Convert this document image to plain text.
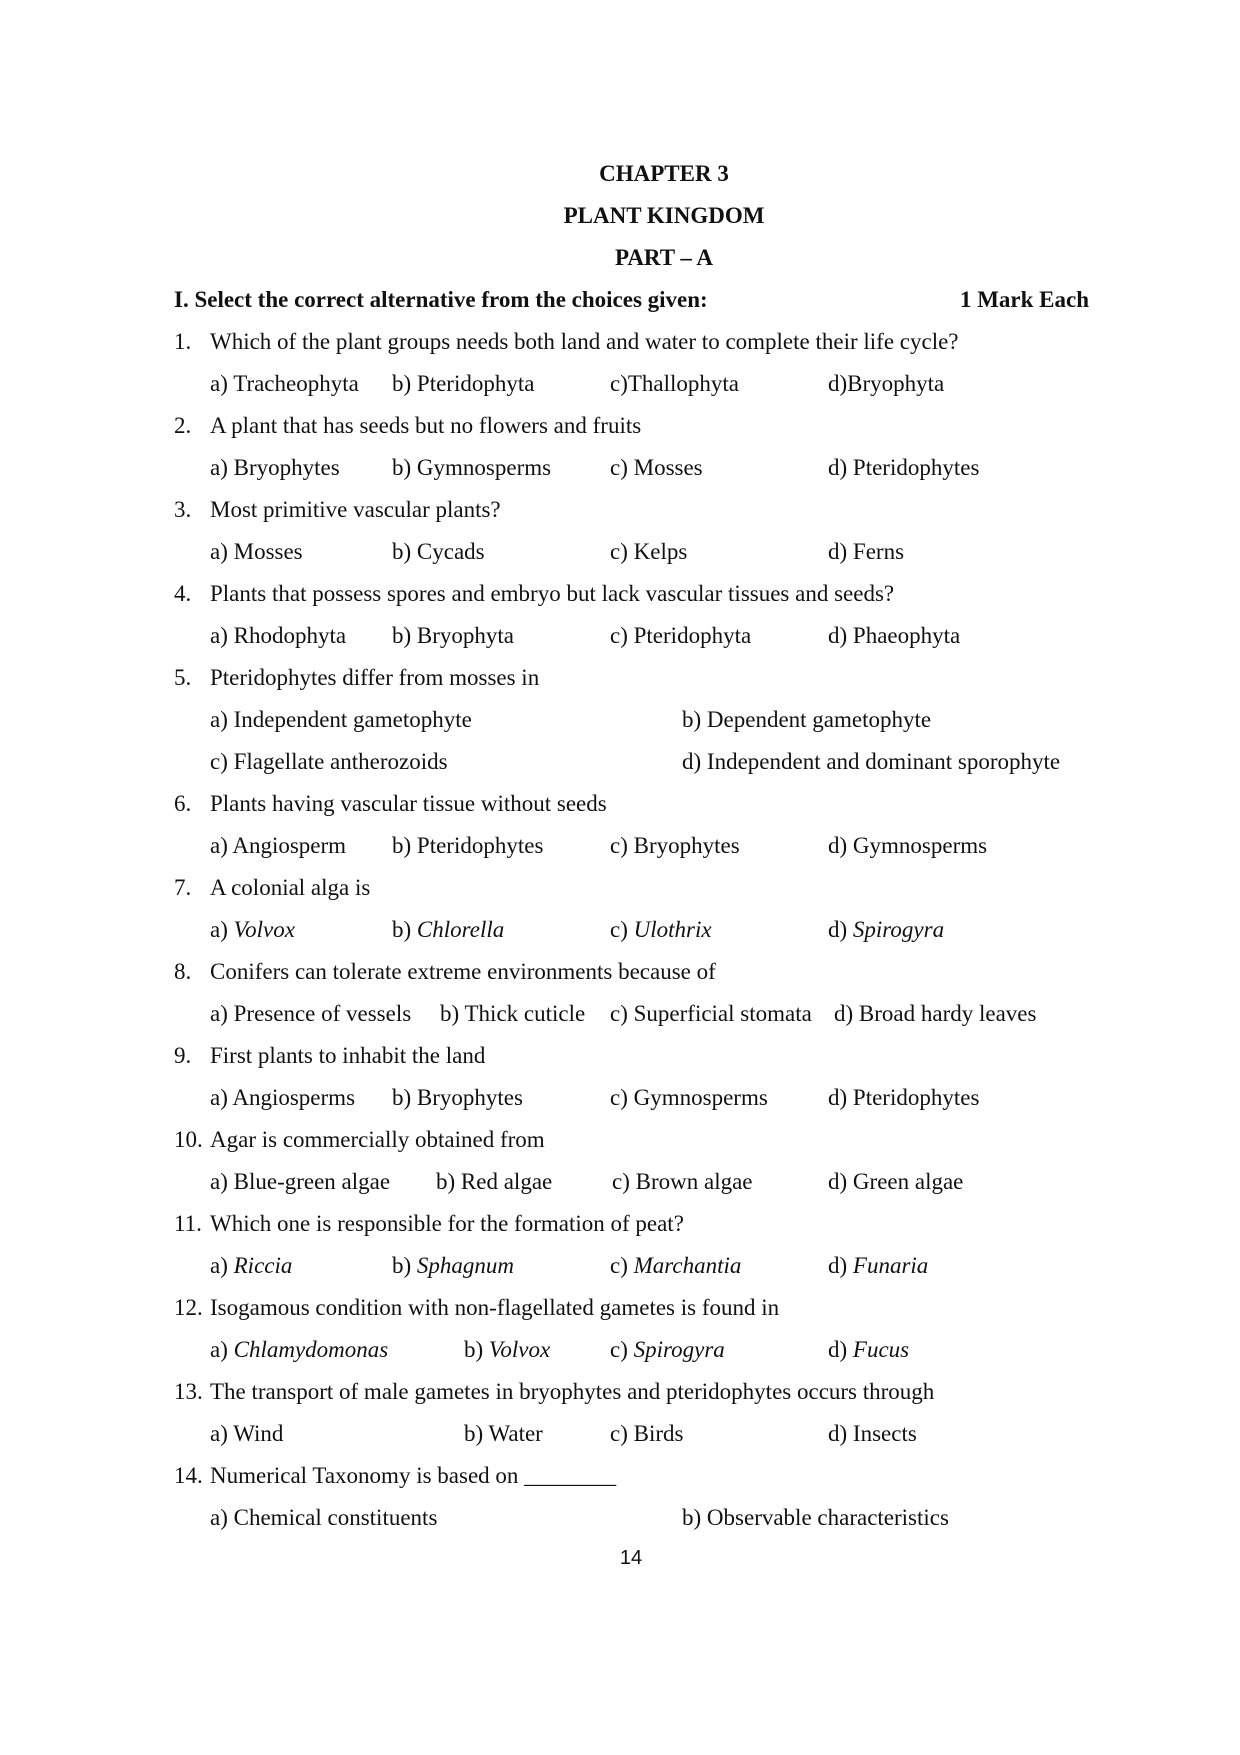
CHAPTER 3
PLANT KINGDOM
PART – A
I. Select the correct alternative from the choices given:	1 Mark Each
1. Which of the plant groups needs both land and water to complete their life cycle?
a) Tracheophyta b) Pteridophyta	c)Thallophyta	d)Bryophyta
2. A plant that has seeds but no flowers and fruits
a) Bryophytes b) Gymnosperms	c) Mosses	d) Pteridophytes
3. Most primitive vascular plants?
a) Mosses	b) Cycads	c) Kelps	d) Ferns
4. Plants that possess spores and embryo but lack vascular tissues and seeds?
a) Rhodophyta b) Bryophyta	c) Pteridophyta	d) Phaeophyta
5. Pteridophytes differ from mosses in
a) Independent gametophyte	b) Dependent gametophyte
c) Flagellate antherozoids	d) Independent and dominant sporophyte
6. Plants having vascular tissue without seeds
a) Angiosperm b) Pteridophytes	c) Bryophytes	d) Gymnosperms
7. A colonial alga is
a) Volvox	b) Chlorella	c) Ulothrix	d) Spirogyra
8. Conifers can tolerate extreme environments because of
a) Presence of vessels b) Thick cuticle c) Superficial stomata d) Broad hardy leaves
9. First plants to inhabit the land
a) Angiosperms b) Bryophytes	c) Gymnosperms	d) Pteridophytes
10. Agar is commercially obtained from
a) Blue-green algae b) Red algae	c) Brown algae	d) Green algae
11. Which one is responsible for the formation of peat?
a) Riccia	b) Sphagnum	c) Marchantia	d) Funaria
12. Isogamous condition with non-flagellated gametes is found in
a) Chlamydomonas	b) Volvox	c) Spirogyra	d) Fucus
13. The transport of male gametes in bryophytes and pteridophytes occurs through
a) Wind	b) Water	c) Birds	d) Insects
14. Numerical Taxonomy is based on ________
a) Chemical constituents	b) Observable characteristics
14
